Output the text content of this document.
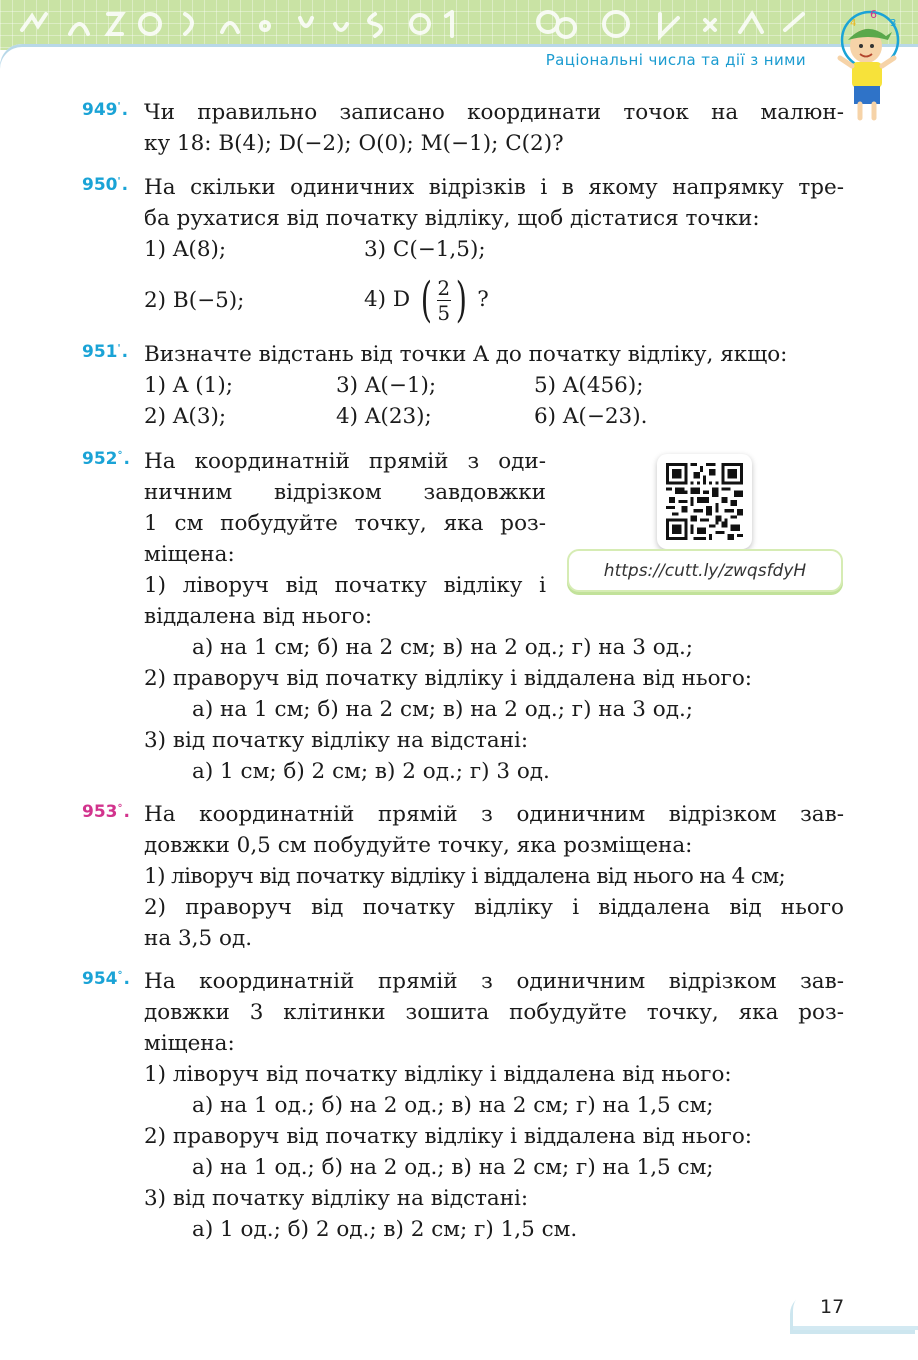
Раціональні числа та дії з ними
6
4	3
949'. Чи правильно записано координати точок на малюн-
ку 18: B(4); D(−2); O(0); M(−1); C(2)?
950'. На скільки одиничних відрізків і в якому напрямку тре-
ба рухатися від початку відліку, щоб дістатися точки:
1) A(8);	3) C(−1,5);
2) B(−5);	4) D ( $\frac{2}{5}$ ) ?
951'. Визначте відстань від точки A до початку відліку, якщо:
1) A (1);	3) A(−1);	5) A(456);
2) A(3);	4) A(23);	6) A(−23).
952°. На координатній прямій з оди-
ничним відрізком завдовжки
1 см побудуйте точку, яка роз-
міщена:
1) ліворуч від початку відліку і
віддалена від нього:
а) на 1 см; б) на 2 см; в) на 2 од.; г) на 3 од.;
2) праворуч від початку відліку і віддалена від нього:
а) на 1 см; б) на 2 см; в) на 2 од.; г) на 3 од.;
3) від початку відліку на відстані:
а) 1 см; б) 2 см; в) 2 од.; г) 3 од.
953°. На координатній прямій з одиничним відрізком зав-
довжки 0,5 см побудуйте точку, яка розміщена:
1) ліворуч від початку відліку і віддалена від нього на 4 см;
2) праворуч від початку відліку і віддалена від нього
на 3,5 од.
954°. На координатній прямій з одиничним відрізком зав-
довжки 3 клітинки зошита побудуйте точку, яка роз-
міщена:
1) ліворуч від початку відліку і віддалена від нього:
а) на 1 од.; б) на 2 од.; в) на 2 см; г) на 1,5 см;
2) праворуч від початку відліку і віддалена від нього:
а) на 1 од.; б) на 2 од.; в) на 2 см; г) на 1,5 см;
3) від початку відліку на відстані:
а) 1 од.; б) 2 од.; в) 2 см; г) 1,5 см.
https://cutt.ly/zwqsfdyH
17
